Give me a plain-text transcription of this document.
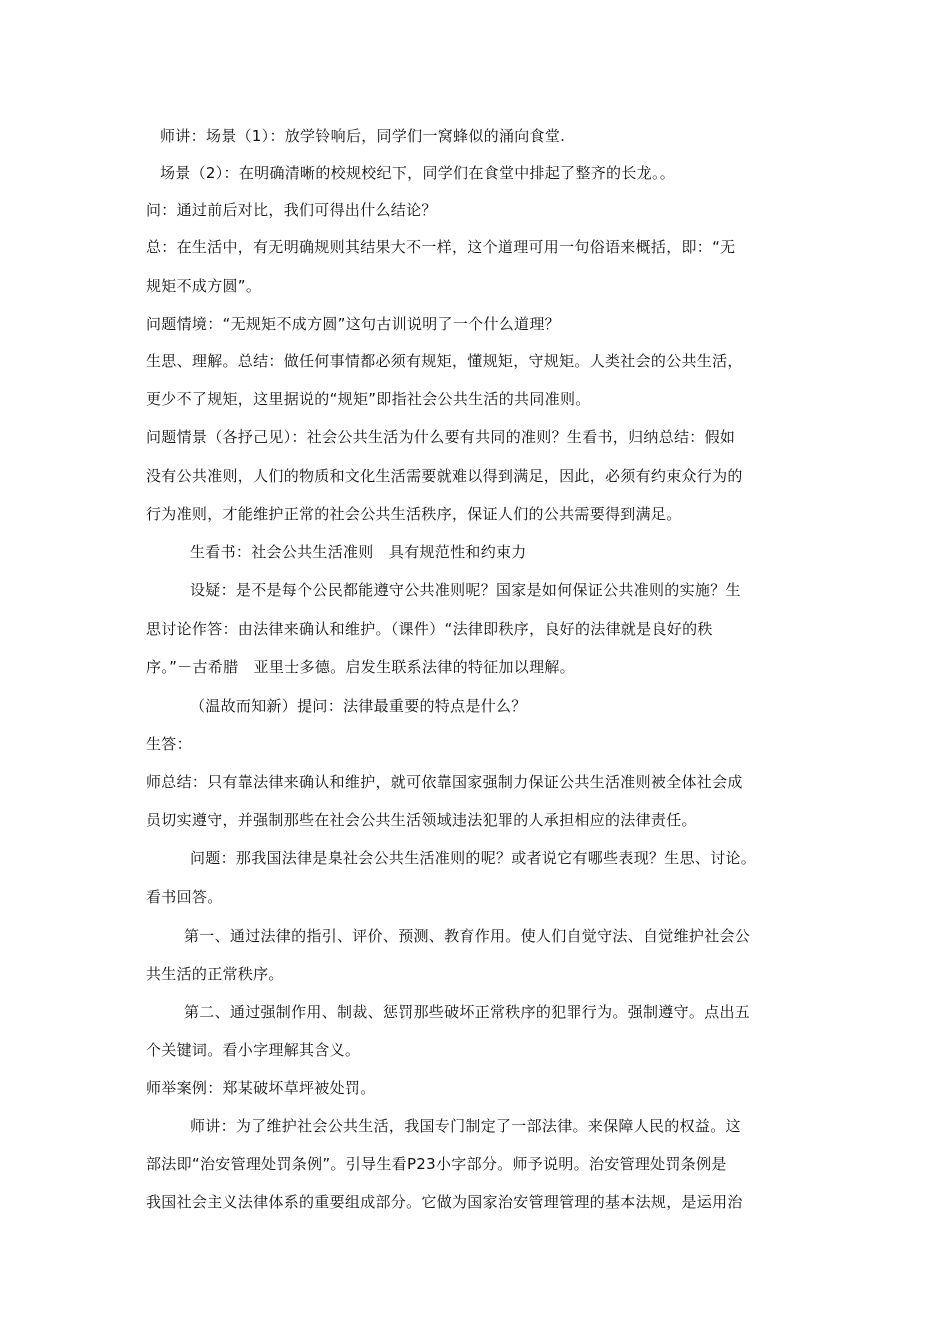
师讲：场景（1）：放学铃响后，同学们一窝蜂似的涌向食堂.
场景（2）：在明确清晰的校规校纪下，同学们在食堂中排起了整齐的长龙。。
问：通过前后对比，我们可得出什么结论？
总：在生活中，有无明确规则其结果大不一样，这个道理可用一句俗语来概括，即：“无
规矩不成方圆”。
问题情境：“无规矩不成方圆”这句古训说明了一个什么道理？
生思、理解。总结：做任何事情都必须有规矩，懂规矩，守规矩。人类社会的公共生活，
更少不了规矩，这里据说的“规矩”即指社会公共生活的共同准则。
问题情景（各抒己见）：社会公共生活为什么要有共同的准则？生看书，归纳总结：假如
没有公共准则，人们的物质和文化生活需要就难以得到满足，因此，必须有约束众行为的
行为准则，才能维护正常的社会公共生活秩序，保证人们的公共需要得到满足。
生看书：社会公共生活准则　具有规范性和约束力
设疑：是不是每个公民都能遵守公共准则呢？国家是如何保证公共准则的实施？生
思讨论作答：由法律来确认和维护。（课件）“法律即秩序，良好的法律就是良好的秩
序。”－古希腊　亚里士多德。启发生联系法律的特征加以理解。
（温故而知新）提问：法律最重要的特点是什么？
生答：
师总结：只有靠法律来确认和维护，就可依靠国家强制力保证公共生活准则被全体社会成
员切实遵守，并强制那些在社会公共生活领域违法犯罪的人承担相应的法律责任。
问题：那我国法律是臬社会公共生活准则的呢？或者说它有哪些表现？生思、讨论。
看书回答。
第一、通过法律的指引、评价、预测、教育作用。使人们自觉守法、自觉维护社会公
共生活的正常秩序。
第二、通过强制作用、制裁、惩罚那些破坏正常秩序的犯罪行为。强制遵守。点出五
个关键词。看小字理解其含义。
师举案例：郑某破坏草坪被处罚。
师讲：为了维护社会公共生活，我国专门制定了一部法律。来保障人民的权益。这
部法即“治安管理处罚条例”。引导生看P23小字部分。师予说明。治安管理处罚条例是
我国社会主义法律体系的重要组成部分。它做为国家治安管理管理的基本法规，是运用治
